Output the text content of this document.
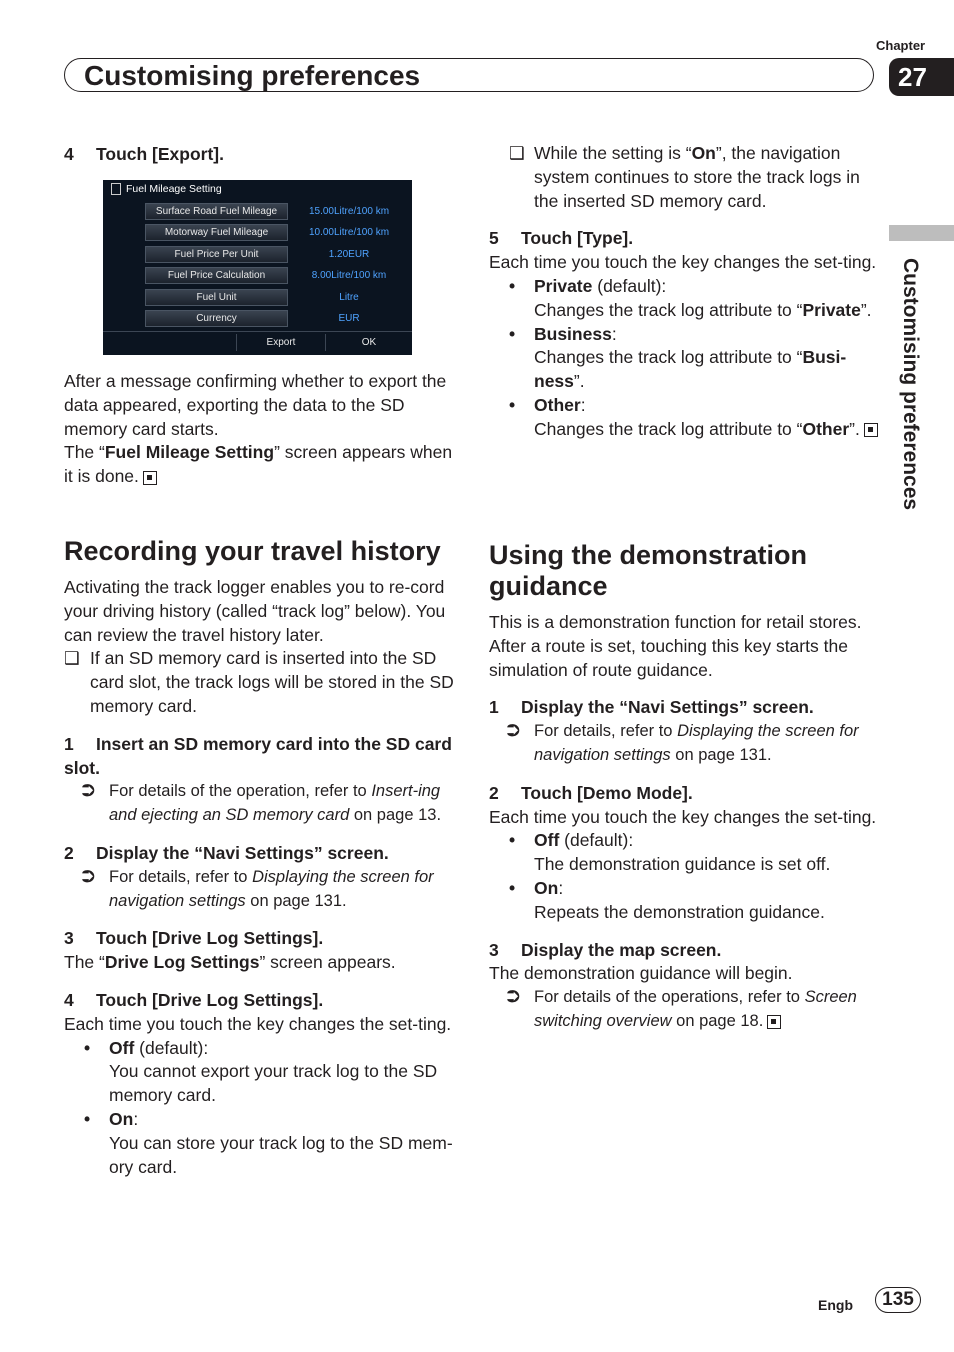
Chapter
27
Customising preferences
Customising preferences

4 Touch [Export].

Fuel Mileage Setting
Surface Road Fuel Mileage	15.00Litre/100 km
Motorway Fuel Mileage	10.00Litre/100 km
Fuel Price Per Unit	1.20EUR
Fuel Price Calculation	8.00Litre/100 km
Fuel Unit	Litre
Currency	EUR
Export	OK

After a message confirming whether to export the data appeared, exporting the data to the SD memory card starts.

The “Fuel Mileage Setting” screen appears when it is done.

Recording your travel history

Activating the track logger enables you to re-cord your driving history (called “track log” below). You can review the travel history later.

❑ If an SD memory card is inserted into the SD card slot, the track logs will be stored in the SD memory card.

1 Insert an SD memory card into the SD card slot.

⮊ For details of the operation, refer to Insert-ing and ejecting an SD memory card on page 13.

2 Display the “Navi Settings” screen.

⮊ For details, refer to Displaying the screen for navigation settings on page 131.

3 Touch [Drive Log Settings].

The “Drive Log Settings” screen appears.

4 Touch [Drive Log Settings].

Each time you touch the key changes the set-ting.

• Off (default):

You cannot export your track log to the SD memory card.

• On:

You can store your track log to the SD mem-ory card.

❑ While the setting is “On”, the navigation system continues to store the track logs in the inserted SD memory card.

5 Touch [Type].

Each time you touch the key changes the set-ting.

• Private (default):

Changes the track log attribute to “Private”.

• Business:

Changes the track log attribute to “Busi-ness”.

• Other:

Changes the track log attribute to “Other”.

Using the demonstration guidance

This is a demonstration function for retail stores. After a route is set, touching this key starts the simulation of route guidance.

1 Display the “Navi Settings” screen.

⮊ For details, refer to Displaying the screen for navigation settings on page 131.

2 Touch [Demo Mode].

Each time you touch the key changes the set-ting.

• Off (default):

The demonstration guidance is set off.

• On:

Repeats the demonstration guidance.

3 Display the map screen.

The demonstration guidance will begin.

⮊ For details of the operations, refer to Screen switching overview on page 18.

Engb	135
